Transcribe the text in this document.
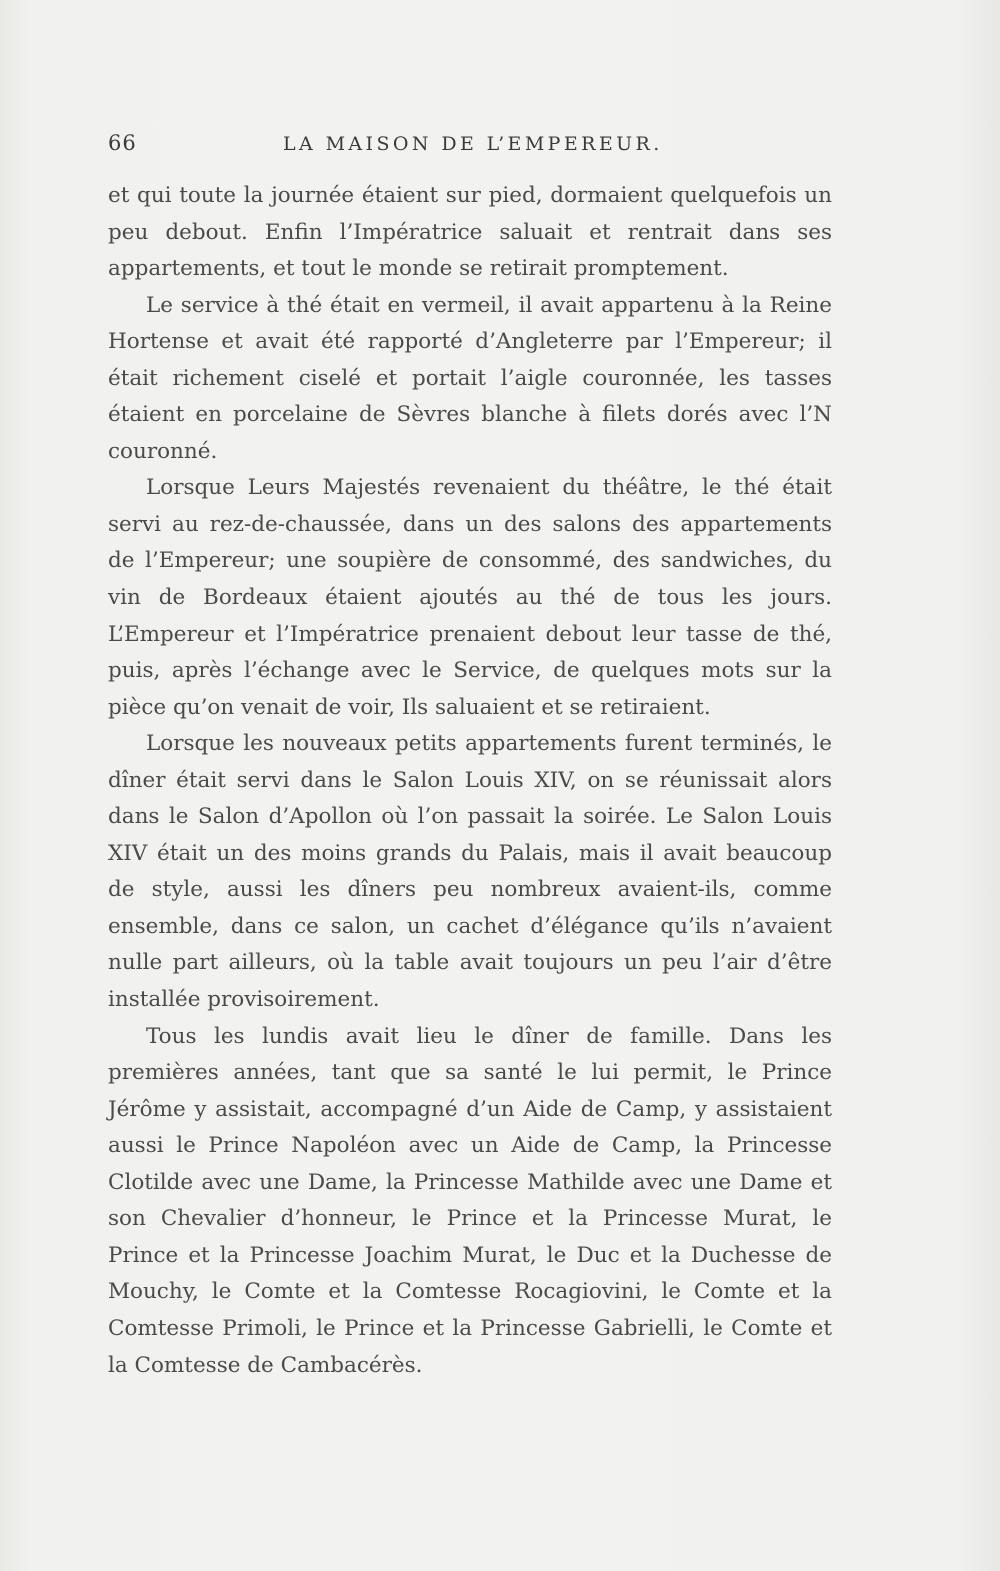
66	LA MAISON DE L’EMPEREUR.

et qui toute la journée étaient sur pied, dormaient quelquefois un peu debout. Enfin l’Impératrice saluait et rentrait dans ses appartements, et tout le monde se retirait promptement.

Le service à thé était en vermeil, il avait appartenu à la Reine Hortense et avait été rapporté d’Angleterre par l’Empereur; il était richement ciselé et portait l’aigle couronnée, les tasses étaient en porcelaine de Sèvres blanche à filets dorés avec l’N couronné.

Lorsque Leurs Majestés revenaient du théâtre, le thé était servi au rez-de-chaussée, dans un des salons des appartements de l’Empereur; une soupière de consommé, des sandwiches, du vin de Bordeaux étaient ajoutés au thé de tous les jours. L’Empereur et l’Impératrice prenaient debout leur tasse de thé, puis, après l’échange avec le Service, de quelques mots sur la pièce qu’on venait de voir, Ils saluaient et se retiraient.

Lorsque les nouveaux petits appartements furent terminés, le dîner était servi dans le Salon Louis XIV, on se réunissait alors dans le Salon d’Apollon où l’on passait la soirée. Le Salon Louis XIV était un des moins grands du Palais, mais il avait beaucoup de style, aussi les dîners peu nombreux avaient-ils, comme ensemble, dans ce salon, un cachet d’élégance qu’ils n’avaient nulle part ailleurs, où la table avait toujours un peu l’air d’être installée provisoirement.

Tous les lundis avait lieu le dîner de famille. Dans les premières années, tant que sa santé le lui permit, le Prince Jérôme y assistait, accompagné d’un Aide de Camp, y assistaient aussi le Prince Napoléon avec un Aide de Camp, la Princesse Clotilde avec une Dame, la Princesse Mathilde avec une Dame et son Chevalier d’honneur, le Prince et la Princesse Murat, le Prince et la Princesse Joachim Murat, le Duc et la Duchesse de Mouchy, le Comte et la Comtesse Rocagiovini, le Comte et la Comtesse Primoli, le Prince et la Princesse Gabrielli, le Comte et la Comtesse de Cambacérès.
